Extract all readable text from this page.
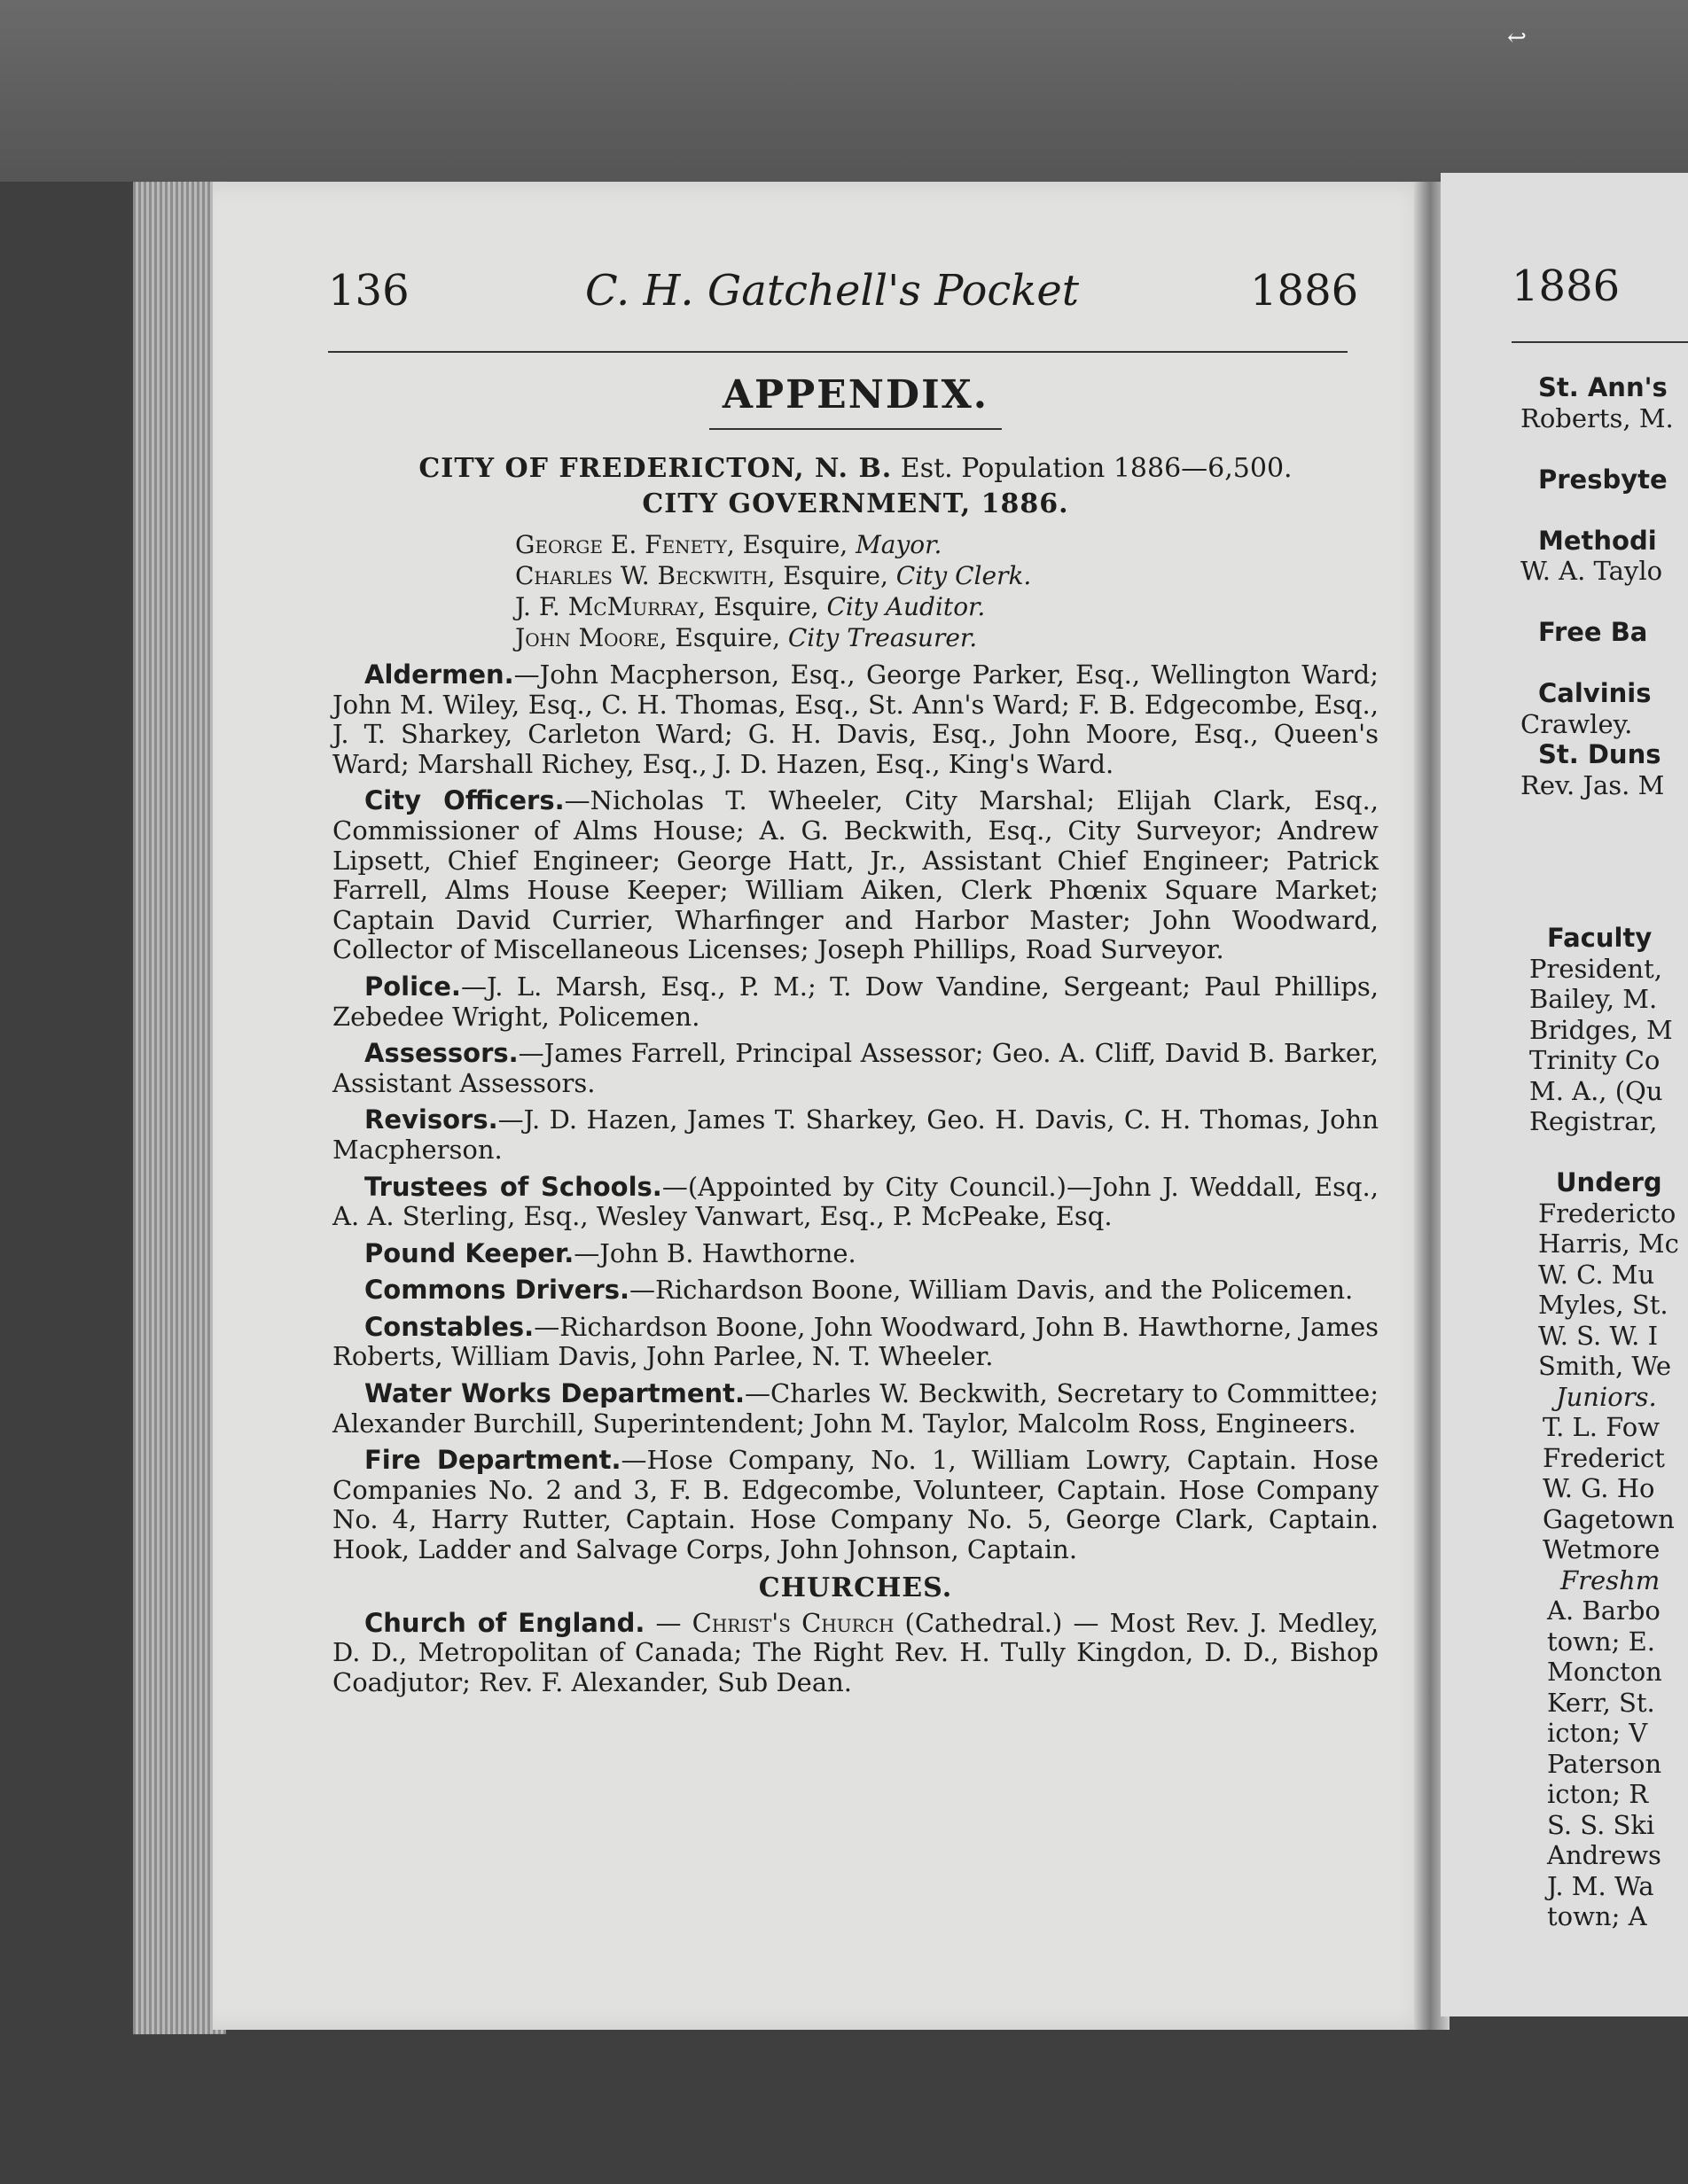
136	C. H. Gatchell's Pocket	1886
APPENDIX.

CITY OF FREDERICTON, N. B. Est. Population 1886—6,500.

CITY GOVERNMENT, 1886.

George E. Fenety, Esquire, Mayor.
Charles W. Beckwith, Esquire, City Clerk.
J. F. McMurray, Esquire, City Auditor.
John Moore, Esquire, City Treasurer.

Aldermen.—John Macpherson, Esq., George Parker, Esq., Wellington Ward; John M. Wiley, Esq., C. H. Thomas, Esq., St. Ann's Ward; F. B. Edgecombe, Esq., J. T. Sharkey, Carleton Ward; G. H. Davis, Esq., John Moore, Esq., Queen's Ward; Marshall Richey, Esq., J. D. Hazen, Esq., King's Ward.

City Officers.—Nicholas T. Wheeler, City Marshal; Elijah Clark, Esq., Commissioner of Alms House; A. G. Beckwith, Esq., City Surveyor; Andrew Lipsett, Chief Engineer; George Hatt, Jr., Assistant Chief Engineer; Patrick Farrell, Alms House Keeper; William Aiken, Clerk Phœnix Square Market; Captain David Currier, Wharfinger and Harbor Master; John Woodward, Collector of Miscellaneous Licenses; Joseph Phillips, Road Surveyor.

Police.—J. L. Marsh, Esq., P. M.; T. Dow Vandine, Sergeant; Paul Phillips, Zebedee Wright, Policemen.

Assessors.—James Farrell, Principal Assessor; Geo. A. Cliff, David B. Barker, Assistant Assessors.

Revisors.—J. D. Hazen, James T. Sharkey, Geo. H. Davis, C. H. Thomas, John Macpherson.

Trustees of Schools.—(Appointed by City Council.)—John J. Weddall, Esq., A. A. Sterling, Esq., Wesley Vanwart, Esq., P. McPeake, Esq.

Pound Keeper.—John B. Hawthorne.

Commons Drivers.—Richardson Boone, William Davis, and the Policemen.

Constables.—Richardson Boone, John Woodward, John B. Hawthorne, James Roberts, William Davis, John Parlee, N. T. Wheeler.

Water Works Department.—Charles W. Beckwith, Secretary to Committee; Alexander Burchill, Superintendent; John M. Taylor, Malcolm Ross, Engineers.

Fire Department.—Hose Company, No. 1, William Lowry, Captain. Hose Companies No. 2 and 3, F. B. Edgecombe, Volunteer, Captain. Hose Company No. 4, Harry Rutter, Captain. Hose Company No. 5, George Clark, Captain. Hook, Ladder and Salvage Corps, John Johnson, Captain.

CHURCHES.

Church of England. — Christ's Church (Cathedral.) — Most Rev. J. Medley, D. D., Metropolitan of Canada; The Right Rev. H. Tully Kingdon, D. D., Bishop Coadjutor; Rev. F. Alexander, Sub Dean.

1886
St. Ann's
Roberts, M.
Presbyte
Methodi
W. A. Taylo
Free Ba
Calvinis
Crawley.
St. Duns
Rev. Jas. M
Faculty
President,
Bailey, M.
Bridges, M
Trinity Co
M. A., (Qu
Registrar,
Underg
Fredericto
Harris, Mc
W. C. Mu
Myles, St.
W. S. W. I
Smith, We
Juniors.
T. L. Fow
Frederict
W. G. Ho
Gagetown
Wetmore
Freshm
A. Barbo
town; E.
Moncton
Kerr, St.
icton; V
Paterson
icton; R
S. S. Ski
Andrews
J. M. Wa
town; A
↩
